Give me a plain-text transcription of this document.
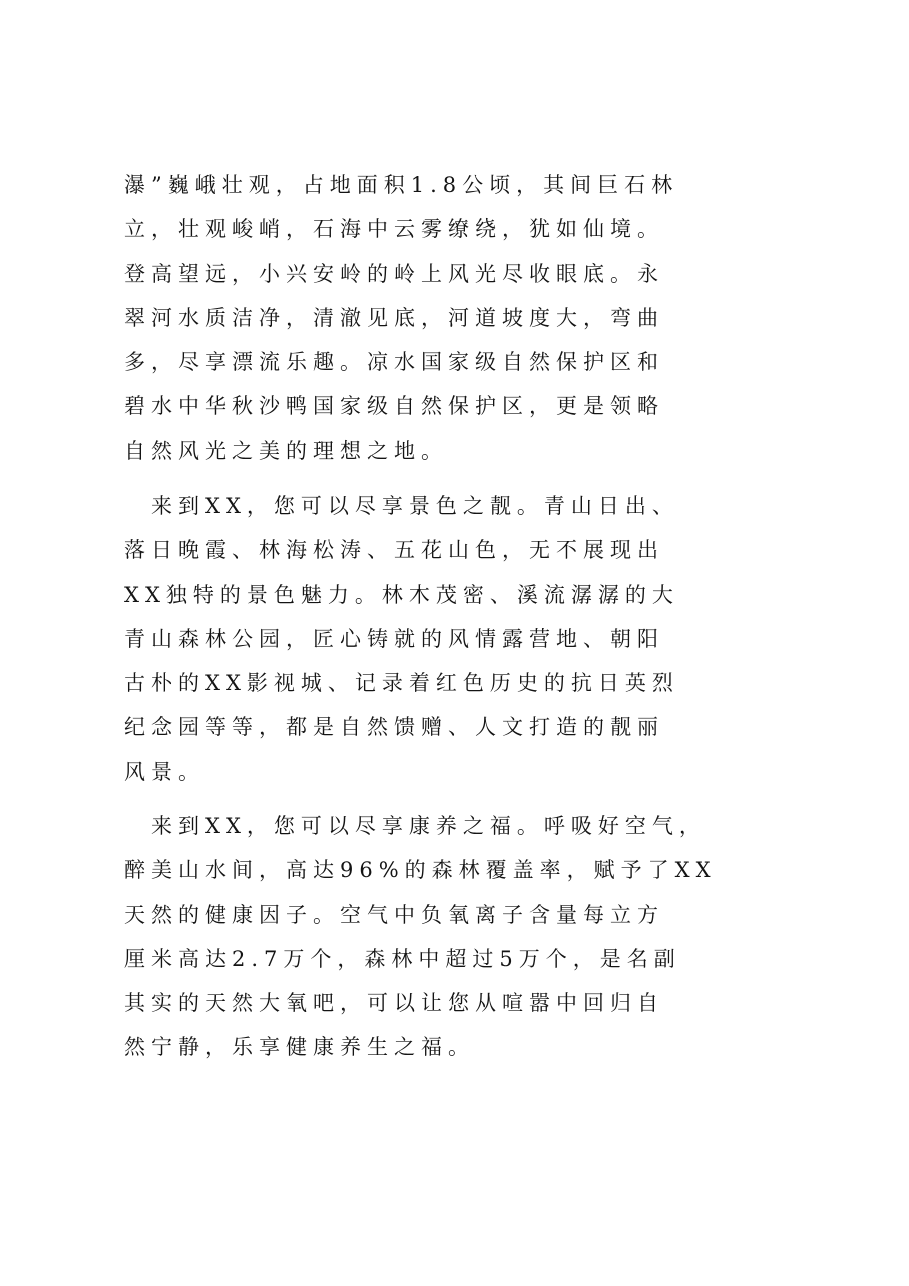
瀑”巍峨壮观，占地面积1.8公顷，其间巨石林
立，壮观峻峭，石海中云雾缭绕，犹如仙境。
登高望远，小兴安岭的岭上风光尽收眼底。永
翠河水质洁净，清澈见底，河道坡度大，弯曲
多，尽享漂流乐趣。凉水国家级自然保护区和
碧水中华秋沙鸭国家级自然保护区，更是领略
自然风光之美的理想之地。
　来到XX，您可以尽享景色之靓。青山日出、
落日晚霞、林海松涛、五花山色，无不展现出
XX独特的景色魅力。林木茂密、溪流潺潺的大
青山森林公园，匠心铸就的风情露营地、朝阳
古朴的XX影视城、记录着红色历史的抗日英烈
纪念园等等，都是自然馈赠、人文打造的靓丽
风景。
　来到XX，您可以尽享康养之福。呼吸好空气，
醉美山水间，高达96%的森林覆盖率，赋予了XX
天然的健康因子。空气中负氧离子含量每立方
厘米高达2.7万个，森林中超过5万个，是名副
其实的天然大氧吧，可以让您从喧嚣中回归自
然宁静，乐享健康养生之福。
